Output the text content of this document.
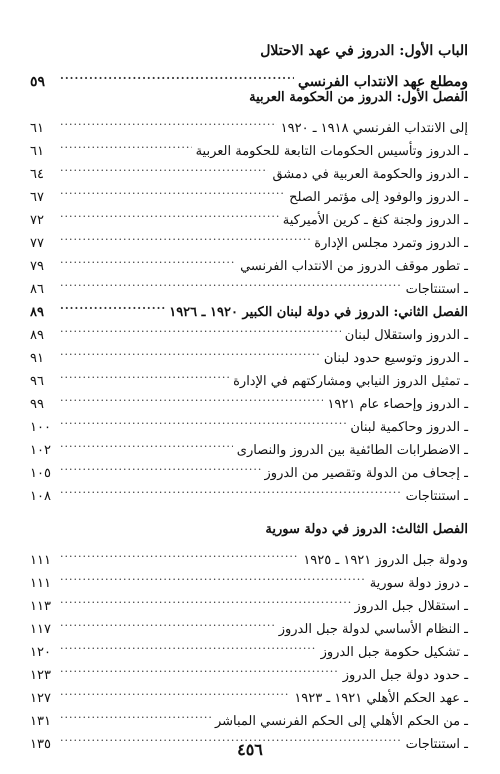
الباب الأول: الدروز في عهد الاحتلال
ومطلع عهد الانتداب الفرنسي
.....
٥٩
الفصل الأول: الدروز من الحكومة العربية
إلى الانتداب الفرنسي ١٩١٨ ـ ١٩٢٠
.....
٦١
ـ الدروز وتأسيس الحكومات التابعة للحكومة العربية
.....
٦١
ـ الدروز والحكومة العربية في دمشق
.....
٦٤
ـ الدروز والوفود إلى مؤتمر الصلح
.....
٦٧
ـ الدروز ولجنة كنغ ـ كرين الأميركية
.....
٧٢
ـ الدروز وتمرد مجلس الإدارة
.....
٧٧
ـ تطور موقف الدروز من الانتداب الفرنسي
.....
٧٩
ـ استنتاجات
.....
٨٦
الفصل الثاني: الدروز في دولة لبنان الكبير ١٩٢٠ ـ ١٩٢٦
.....
٨٩
ـ الدروز واستقلال لبنان
.....
٨٩
ـ الدروز وتوسيع حدود لبنان
.....
٩١
ـ تمثيل الدروز النيابي ومشاركتهم في الإدارة
.....
٩٦
ـ الدروز وإحصاء عام ١٩٢١
.....
٩٩
ـ الدروز وحاكمية لبنان
.....
١٠٠
ـ الاضطرابات الطائفية بين الدروز والنصارى
.....
١٠٢
ـ إجحاف من الدولة وتقصير من الدروز
.....
١٠٥
ـ استنتاجات
.....
١٠٨
الفصل الثالث: الدروز في دولة سورية
ودولة جبل الدروز ١٩٢١ ـ ١٩٢٥
.....
١١١
ـ دروز دولة سورية
.....
١١١
ـ استقلال جبل الدروز
.....
١١٣
ـ النظام الأساسي لدولة جبل الدروز
.....
١١٧
ـ تشكيل حكومة جبل الدروز
.....
١٢٠
ـ حدود دولة جبل الدروز
.....
١٢٣
ـ عهد الحكم الأهلي ١٩٢١ ـ ١٩٢٣
.....
١٢٧
ـ من الحكم الأهلي إلى الحكم الفرنسي المباشر
.....
١٣١
ـ استنتاجات
.....
١٣٥	٤٥٦
